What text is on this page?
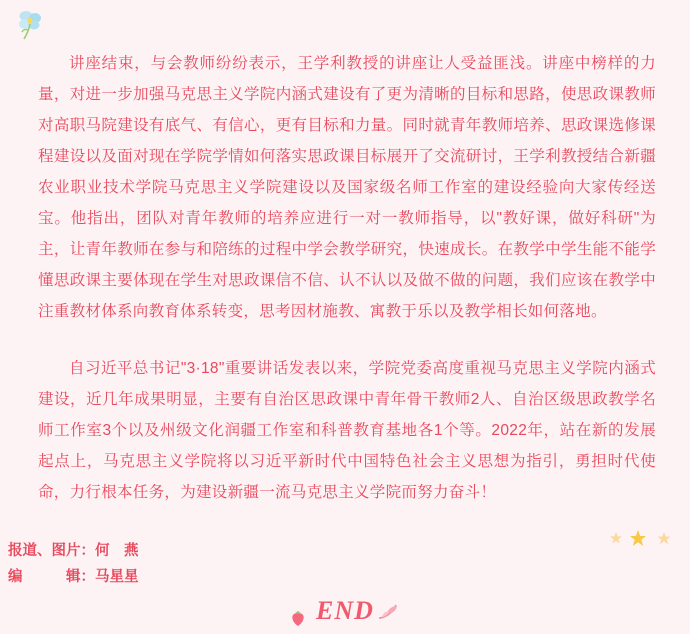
讲座结束，与会教师纷纷表示，王学利教授的讲座让人受益匪浅。讲座中榜样的力量，对进一步加强马克思主义学院内涵式建设有了更为清晰的目标和思路，使思政课教师对高职马院建设有底气、有信心，更有目标和力量。同时就青年教师培养、思政课选修课程建设以及面对现在学院学情如何落实思政课目标展开了交流研讨，王学利教授结合新疆农业职业技术学院马克思主义学院建设以及国家级名师工作室的建设经验向大家传经送宝。他指出，团队对青年教师的培养应进行一对一教师指导，以"教好课，做好科研"为主，让青年教师在参与和陪练的过程中学会教学研究，快速成长。在教学中学生能不能学懂思政课主要体现在学生对思政课信不信、认不认以及做不做的问题，我们应该在教学中注重教材体系向教育体系转变，思考因材施教、寓教于乐以及教学相长如何落地。

自习近平总书记"3·18"重要讲话发表以来，学院党委高度重视马克思主义学院内涵式建设，近几年成果明显，主要有自治区思政课中青年骨干教师2人、自治区级思政教学名师工作室3个以及州级文化润疆工作室和科普教育基地各1个等。2022年，站在新的发展起点上，马克思主义学院将以习近平新时代中国特色社会主义思想为指引，勇担时代使命，力行根本任务，为建设新疆一流马克思主义学院而努力奋斗！

报道、图片：何　燕
编　　　辑：马星星
END
